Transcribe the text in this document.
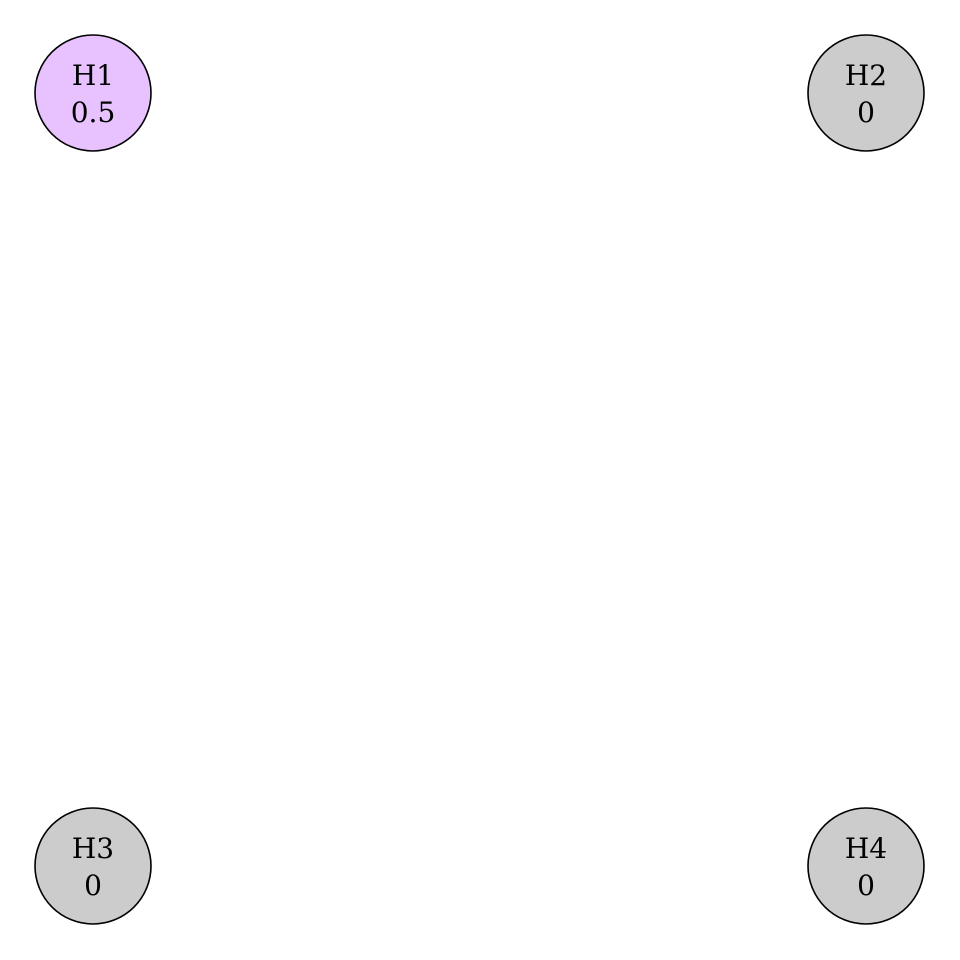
H1
0.5
H2
0
H3
0
H4
0
